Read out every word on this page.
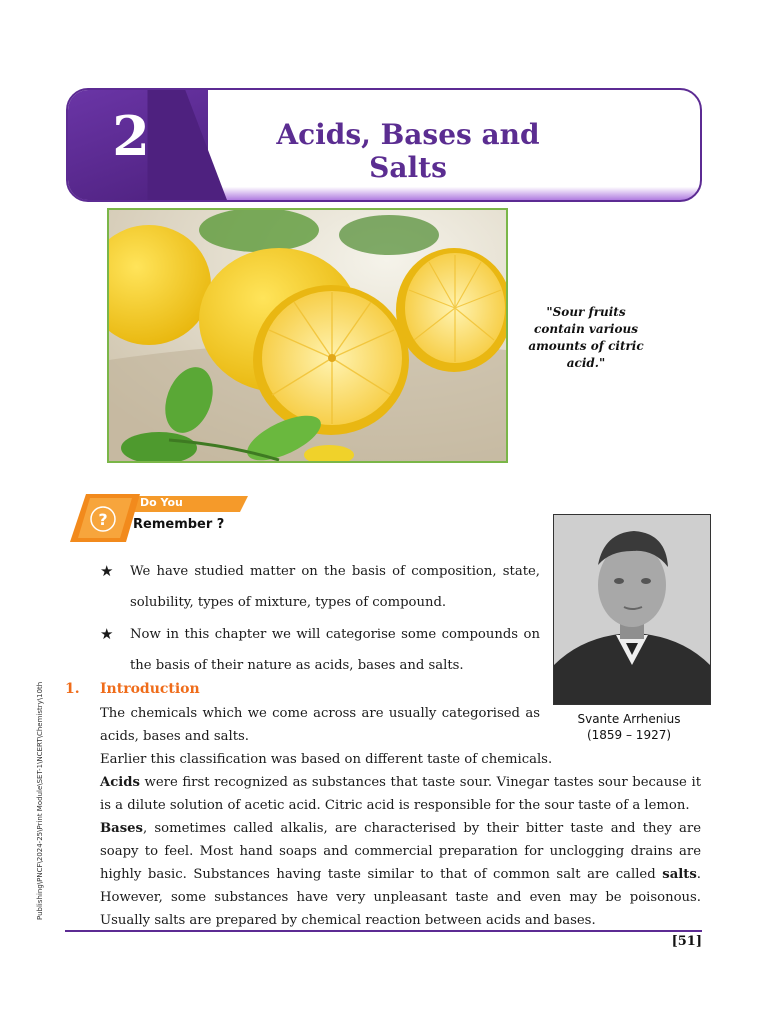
2	Acids, Bases and Salts
"Sour fruits contain various amounts of citric acid."
?
Do You
Remember ?
★ We have studied matter on the basis of composition, state, solubility, types of mixture, types of compound.
★ Now in this chapter we will categorise some compounds on the basis of their nature as acids, bases and salts.
Svante Arrhenius
(1859 – 1927)
1. Introduction
The chemicals which we come across are usually categorised as acids, bases and salts.
Earlier this classification was based on different taste of chemicals.
Acids were first recognized as substances that taste sour. Vinegar tastes sour because it is a dilute solution of acetic acid. Citric acid is responsible for the sour taste of a lemon.
Bases, sometimes called alkalis, are characterised by their bitter taste and they are soapy to feel. Most hand soaps and commercial preparation for unclogging drains are highly basic. Substances having taste similar to that of common salt are called salts. However, some substances have very unpleasant taste and even may be poisonous. Usually salts are prepared by chemical reaction between acids and bases.
Publishing\PNCF\2024-25\Print Module\SET-1\NCERT\Chemistry\10th
[51]
